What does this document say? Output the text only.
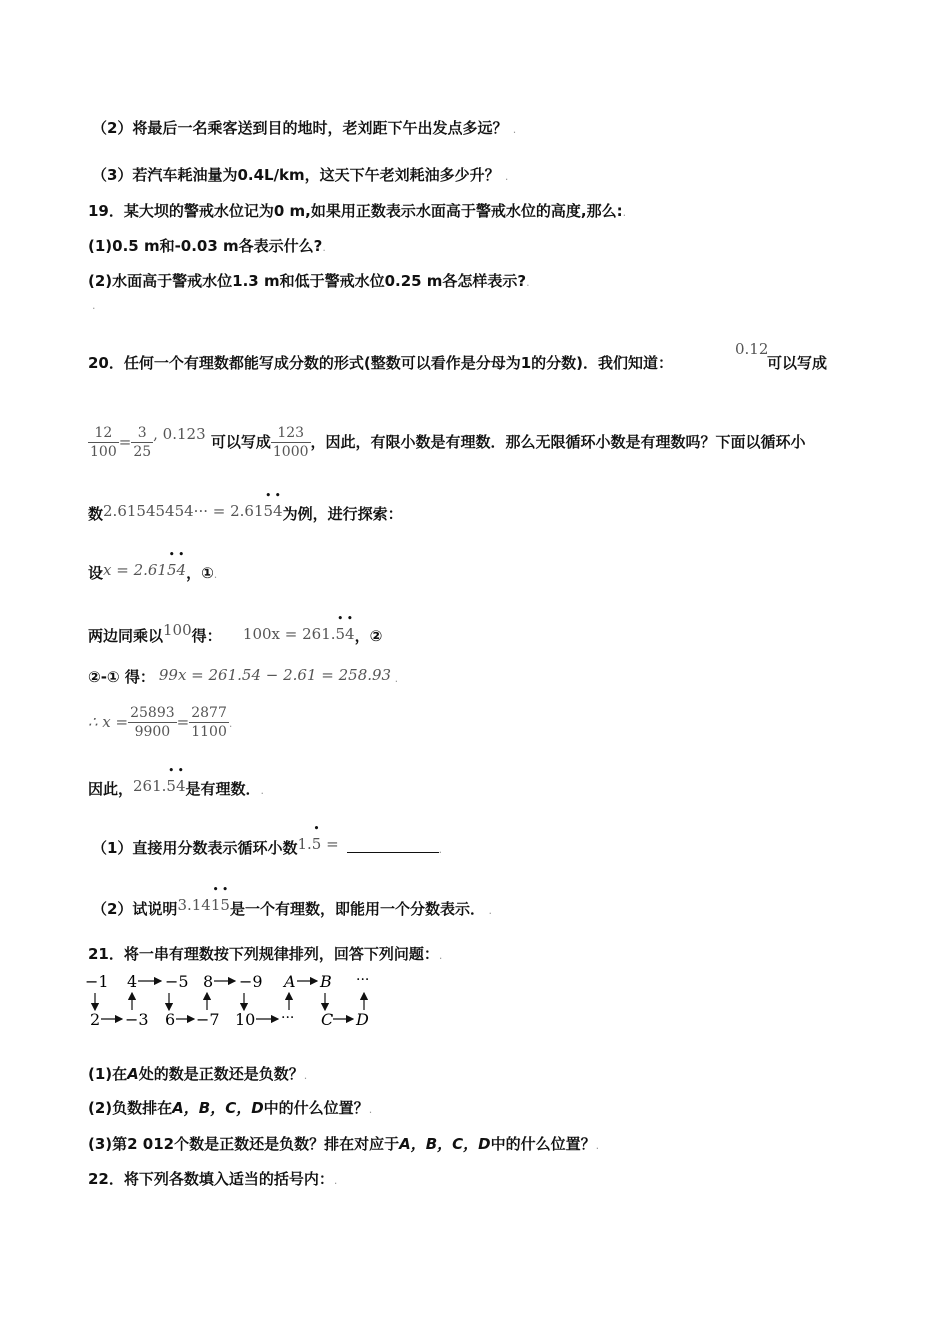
（2）将最后一名乘客送到目的地时，老刘距下午出发点多远？ .
（3）若汽车耗油量为0.4L/km，这天下午老刘耗油多少升？ .
19．某大坝的警戒水位记为0 m,如果用正数表示水面高于警戒水位的高度,那么:.
(1)0.5 m和-0.03 m各表示什么?.
(2)水面高于警戒水位1.3 m和低于警戒水位0.25 m各怎样表示?.
.
20．任何一个有理数都能写成分数的形式(整数可以看作是分母为1的分数)．我们知道：
0.12
可以写成
$\frac{12}{100} = \frac{3}{25}$ , 0.123 可以写成 $\frac{123}{1000}$ ，因此，有限小数是有理数．那么无限循环小数是有理数吗？下面以循环小
数2.61545454··· = 2.61• 5• 4为例，进行探索：
设x = 2.61• 5• 4，①.
两边同乘以100得： 100x = 261.• 5• 4，②
②-① 得： 99x = 261.54 − 2.61 = 258.93 .
∴ $x = \frac{25893}{9900} = \frac{2877}{1100}$ .
因此，261.• 5• 4是有理数．.
（1）直接用分数表示循环小数1.• 5 =	.
（2）试说明3.14• 1• 5是一个有理数，即能用一个分数表示． .
21．将一串有理数按下列规律排列，回答下列问题：.
−1 4 −5 8 −9 A B ···
2 −3 6 −7 10 ··· C D
(1)在A处的数是正数还是负数？.
(2)负数排在A，B，C，D中的什么位置？.
(3)第2 012个数是正数还是负数？排在对应于A，B，C，D中的什么位置？.
22．将下列各数填入适当的括号内：.
